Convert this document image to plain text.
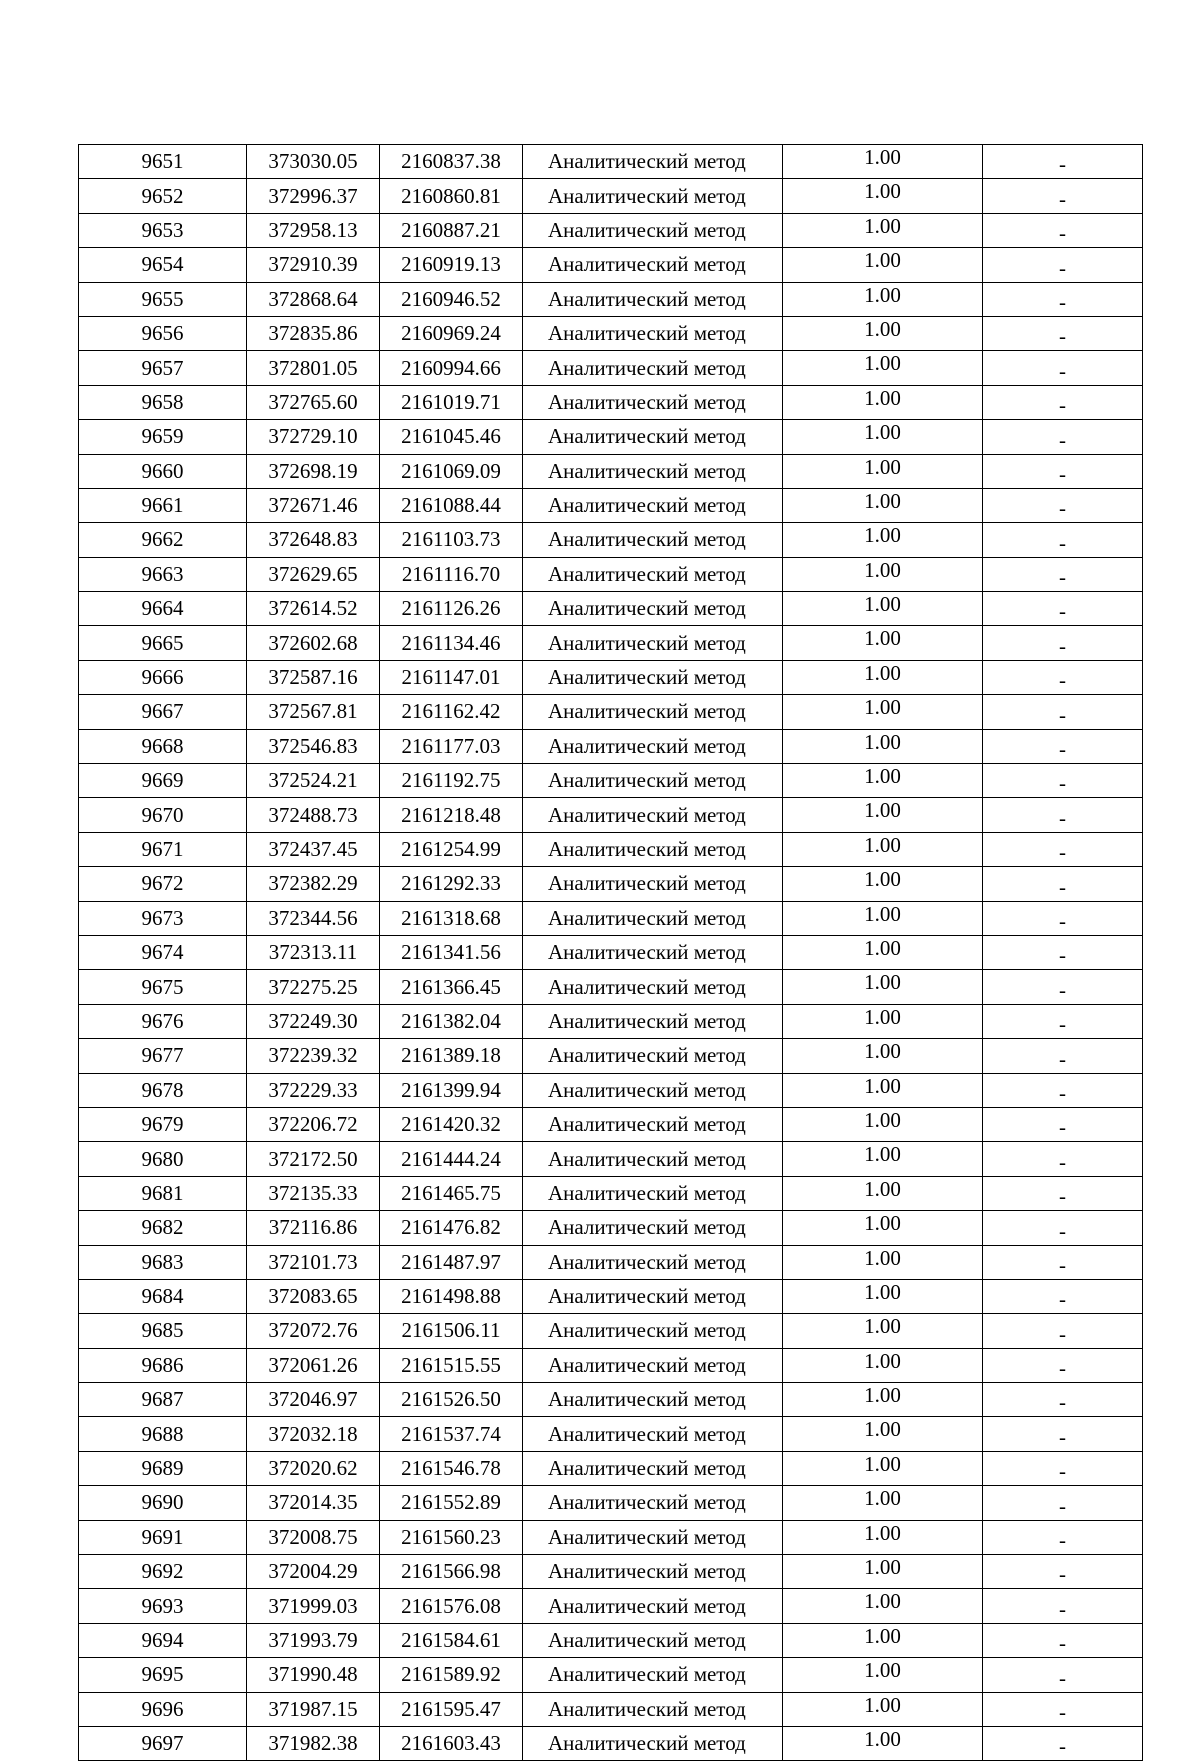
9651	373030.05	2160837.38	Аналитический метод	1.00	-
9652	372996.37	2160860.81	Аналитический метод	1.00	-
9653	372958.13	2160887.21	Аналитический метод	1.00	-
9654	372910.39	2160919.13	Аналитический метод	1.00	-
9655	372868.64	2160946.52	Аналитический метод	1.00	-
9656	372835.86	2160969.24	Аналитический метод	1.00	-
9657	372801.05	2160994.66	Аналитический метод	1.00	-
9658	372765.60	2161019.71	Аналитический метод	1.00	-
9659	372729.10	2161045.46	Аналитический метод	1.00	-
9660	372698.19	2161069.09	Аналитический метод	1.00	-
9661	372671.46	2161088.44	Аналитический метод	1.00	-
9662	372648.83	2161103.73	Аналитический метод	1.00	-
9663	372629.65	2161116.70	Аналитический метод	1.00	-
9664	372614.52	2161126.26	Аналитический метод	1.00	-
9665	372602.68	2161134.46	Аналитический метод	1.00	-
9666	372587.16	2161147.01	Аналитический метод	1.00	-
9667	372567.81	2161162.42	Аналитический метод	1.00	-
9668	372546.83	2161177.03	Аналитический метод	1.00	-
9669	372524.21	2161192.75	Аналитический метод	1.00	-
9670	372488.73	2161218.48	Аналитический метод	1.00	-
9671	372437.45	2161254.99	Аналитический метод	1.00	-
9672	372382.29	2161292.33	Аналитический метод	1.00	-
9673	372344.56	2161318.68	Аналитический метод	1.00	-
9674	372313.11	2161341.56	Аналитический метод	1.00	-
9675	372275.25	2161366.45	Аналитический метод	1.00	-
9676	372249.30	2161382.04	Аналитический метод	1.00	-
9677	372239.32	2161389.18	Аналитический метод	1.00	-
9678	372229.33	2161399.94	Аналитический метод	1.00	-
9679	372206.72	2161420.32	Аналитический метод	1.00	-
9680	372172.50	2161444.24	Аналитический метод	1.00	-
9681	372135.33	2161465.75	Аналитический метод	1.00	-
9682	372116.86	2161476.82	Аналитический метод	1.00	-
9683	372101.73	2161487.97	Аналитический метод	1.00	-
9684	372083.65	2161498.88	Аналитический метод	1.00	-
9685	372072.76	2161506.11	Аналитический метод	1.00	-
9686	372061.26	2161515.55	Аналитический метод	1.00	-
9687	372046.97	2161526.50	Аналитический метод	1.00	-
9688	372032.18	2161537.74	Аналитический метод	1.00	-
9689	372020.62	2161546.78	Аналитический метод	1.00	-
9690	372014.35	2161552.89	Аналитический метод	1.00	-
9691	372008.75	2161560.23	Аналитический метод	1.00	-
9692	372004.29	2161566.98	Аналитический метод	1.00	-
9693	371999.03	2161576.08	Аналитический метод	1.00	-
9694	371993.79	2161584.61	Аналитический метод	1.00	-
9695	371990.48	2161589.92	Аналитический метод	1.00	-
9696	371987.15	2161595.47	Аналитический метод	1.00	-
9697	371982.38	2161603.43	Аналитический метод	1.00	-
